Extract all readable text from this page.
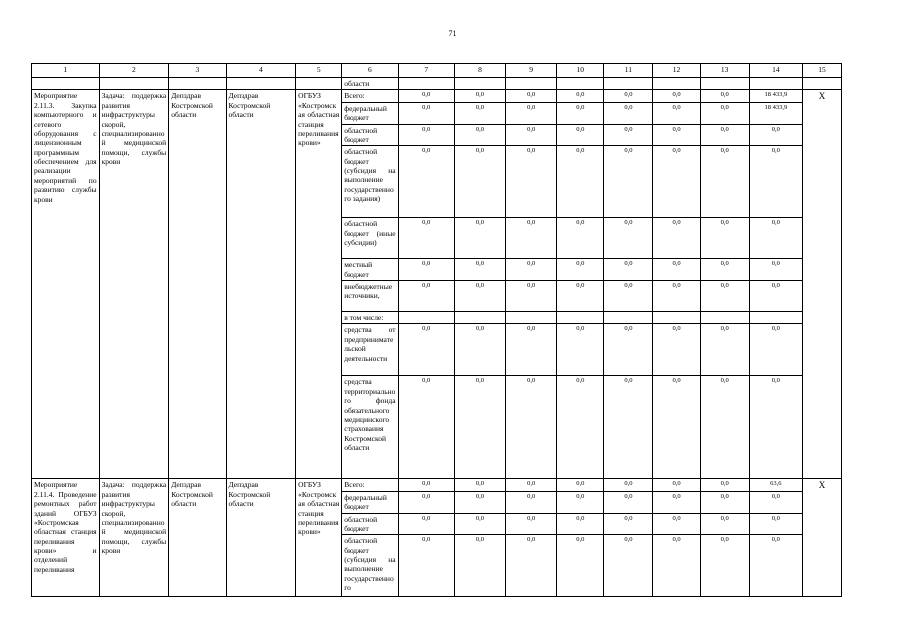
71
1	2	3	4	5	6	7	8	9	10	11	12	13	14	15
					области									
Мероприятие 2.11.3. Закупка компьютерного и сетевого оборудования с лицензионным программным обеспечением для реализации мероприятий по развитию службы крови	Задача: поддержка развития инфраструктуры скорой, специализированной медицинской помощи, службы крови	Депздрав Костромской области	Депздрав Костромской области	ОГБУЗ «Костромская областная станция переливания крови»	Всего:	0,0	0,0	0,0	0,0	0,0	0,0	0,0	18 433,9	X
					федеральный бюджет	0,0	0,0	0,0	0,0	0,0	0,0	0,0	18 433,9	
					областной бюджет	0,0	0,0	0,0	0,0	0,0	0,0	0,0	0,0	
					областной бюджет (субсидия на выполнение государственного задания)	0,0	0,0	0,0	0,0	0,0	0,0	0,0	0,0	
					областной бюджет (иные субсидии)	0,0	0,0	0,0	0,0	0,0	0,0	0,0	0,0	
					местный бюджет	0,0	0,0	0,0	0,0	0,0	0,0	0,0	0,0	
					внебюджетные источники,	0,0	0,0	0,0	0,0	0,0	0,0	0,0	0,0	
					в том числе:									
					средства от предпринимательской деятельности	0,0	0,0	0,0	0,0	0,0	0,0	0,0	0,0	
					средства территориального фонда обязательного медицинского страхования Костромской области	0,0	0,0	0,0	0,0	0,0	0,0	0,0	0,0	
Мероприятие 2.11.4. Проведение ремонтных работ зданий ОГБУЗ «Костромская областная станция переливания крови» и отделений переливания	Задача: поддержка развития инфраструктуры скорой, специализированной медицинской помощи, службы крови	Депздрав Костромской области	Депздрав Костромской области	ОГБУЗ «Костромская областная станция переливания крови»	Всего:	0,0	0,0	0,0	0,0	0,0	0,0	0,0	63,6	X
					федеральный бюджет	0,0	0,0	0,0	0,0	0,0	0,0	0,0	0,0	
					областной бюджет	0,0	0,0	0,0	0,0	0,0	0,0	0,0	0,0	
					областной бюджет (субсидия на выполнение государственного	0,0	0,0	0,0	0,0	0,0	0,0	0,0	0,0	
